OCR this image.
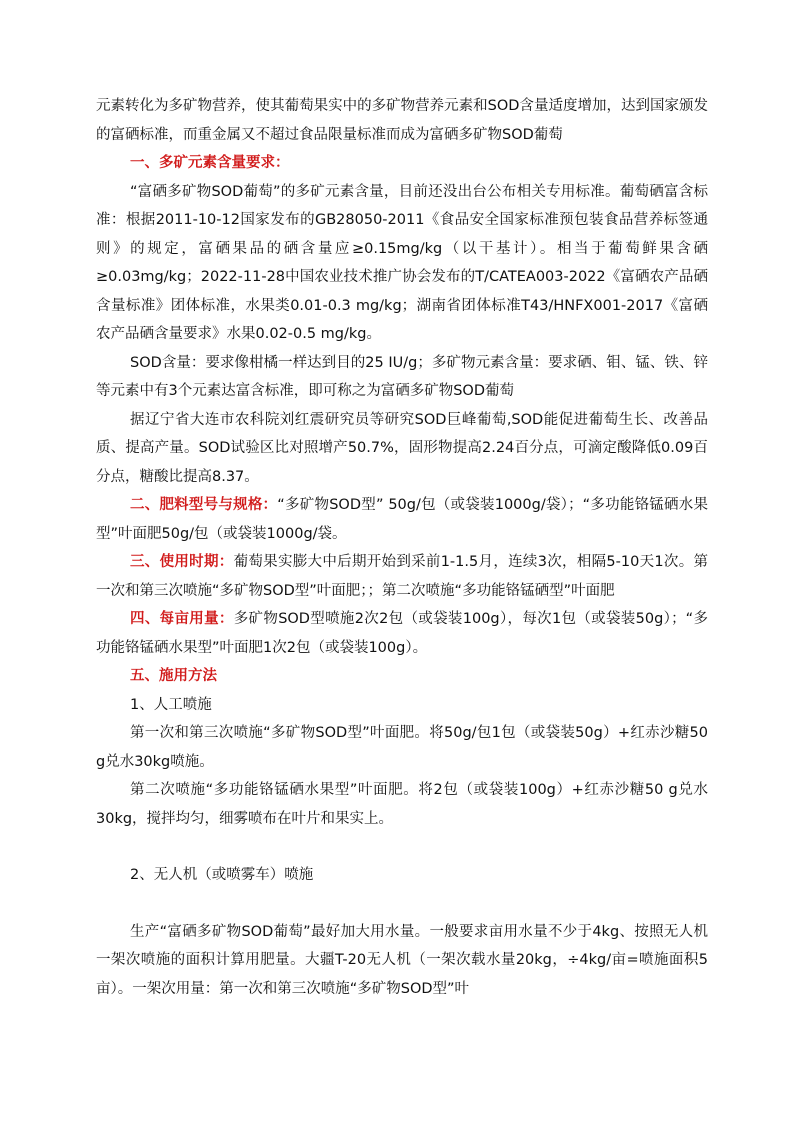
元素转化为多矿物营养，使其葡萄果实中的多矿物营养元素和SOD含量适度增加，达到国家颁发的富硒标准，而重金属又不超过食品限量标准而成为富硒多矿物SOD葡萄

一、多矿元素含量要求：

“富硒多矿物SOD葡萄”的多矿元素含量，目前还没出台公布相关专用标准。葡萄硒富含标准：根据2011-10-12国家发布的GB28050-2011《食品安全国家标准预包装食品营养标签通则》的规定，富硒果品的硒含量应≥0.15mg/kg（以干基计）。相当于葡萄鲜果含硒≥0.03mg/kg；2022-11-28中国农业技术推广协会发布的T/CATEA003-2022《富硒农产品硒含量标准》团体标准，水果类0.01-0.3 mg/kg；湖南省团体标准T43/HNFX001-2017《富硒农产品硒含量要求》水果0.02-0.5 mg/kg。

SOD含量：要求像柑橘一样达到目的25 IU/g；多矿物元素含量：要求硒、钼、锰、铁、锌等元素中有3个元素达富含标准，即可称之为富硒多矿物SOD葡萄

据辽宁省大连市农科院刘红震研究员等研究SOD巨峰葡萄,SOD能促进葡萄生长、改善品质、提高产量。SOD试验区比对照增产50.7%，固形物提高2.24百分点，可滴定酸降低0.09百分点，糖酸比提高8.37。

二、肥料型号与规格：“多矿物SOD型” 50g/包（或袋装1000g/袋）；“多功能铬锰硒水果型”叶面肥50g/包（或袋装1000g/袋。

三、使用时期：葡萄果实膨大中后期开始到采前1-1.5月，连续3次，相隔5-10天1次。第一次和第三次喷施“多矿物SOD型”叶面肥；；第二次喷施“多功能铬锰硒型”叶面肥

四、每亩用量：多矿物SOD型喷施2次2包（或袋装100g），每次1包（或袋装50g）；“多功能铬锰硒水果型”叶面肥1次2包（或袋装100g）。

五、施用方法

1、人工喷施

第一次和第三次喷施“多矿物SOD型”叶面肥。将50g/包1包（或袋装50g）+红赤沙糖50 g兑水30kg喷施。

第二次喷施“多功能铬锰硒水果型”叶面肥。将2包（或袋装100g）+红赤沙糖50 g兑水30kg，搅拌均匀，细雾喷布在叶片和果实上。

2、无人机（或喷雾车）喷施

生产“富硒多矿物SOD葡萄”最好加大用水量。一般要求亩用水量不少于4kg、按照无人机一架次喷施的面积计算用肥量。大疆T-20无人机（一架次载水量20kg，÷4kg/亩=喷施面积5亩）。一架次用量：第一次和第三次喷施“多矿物SOD型”叶
